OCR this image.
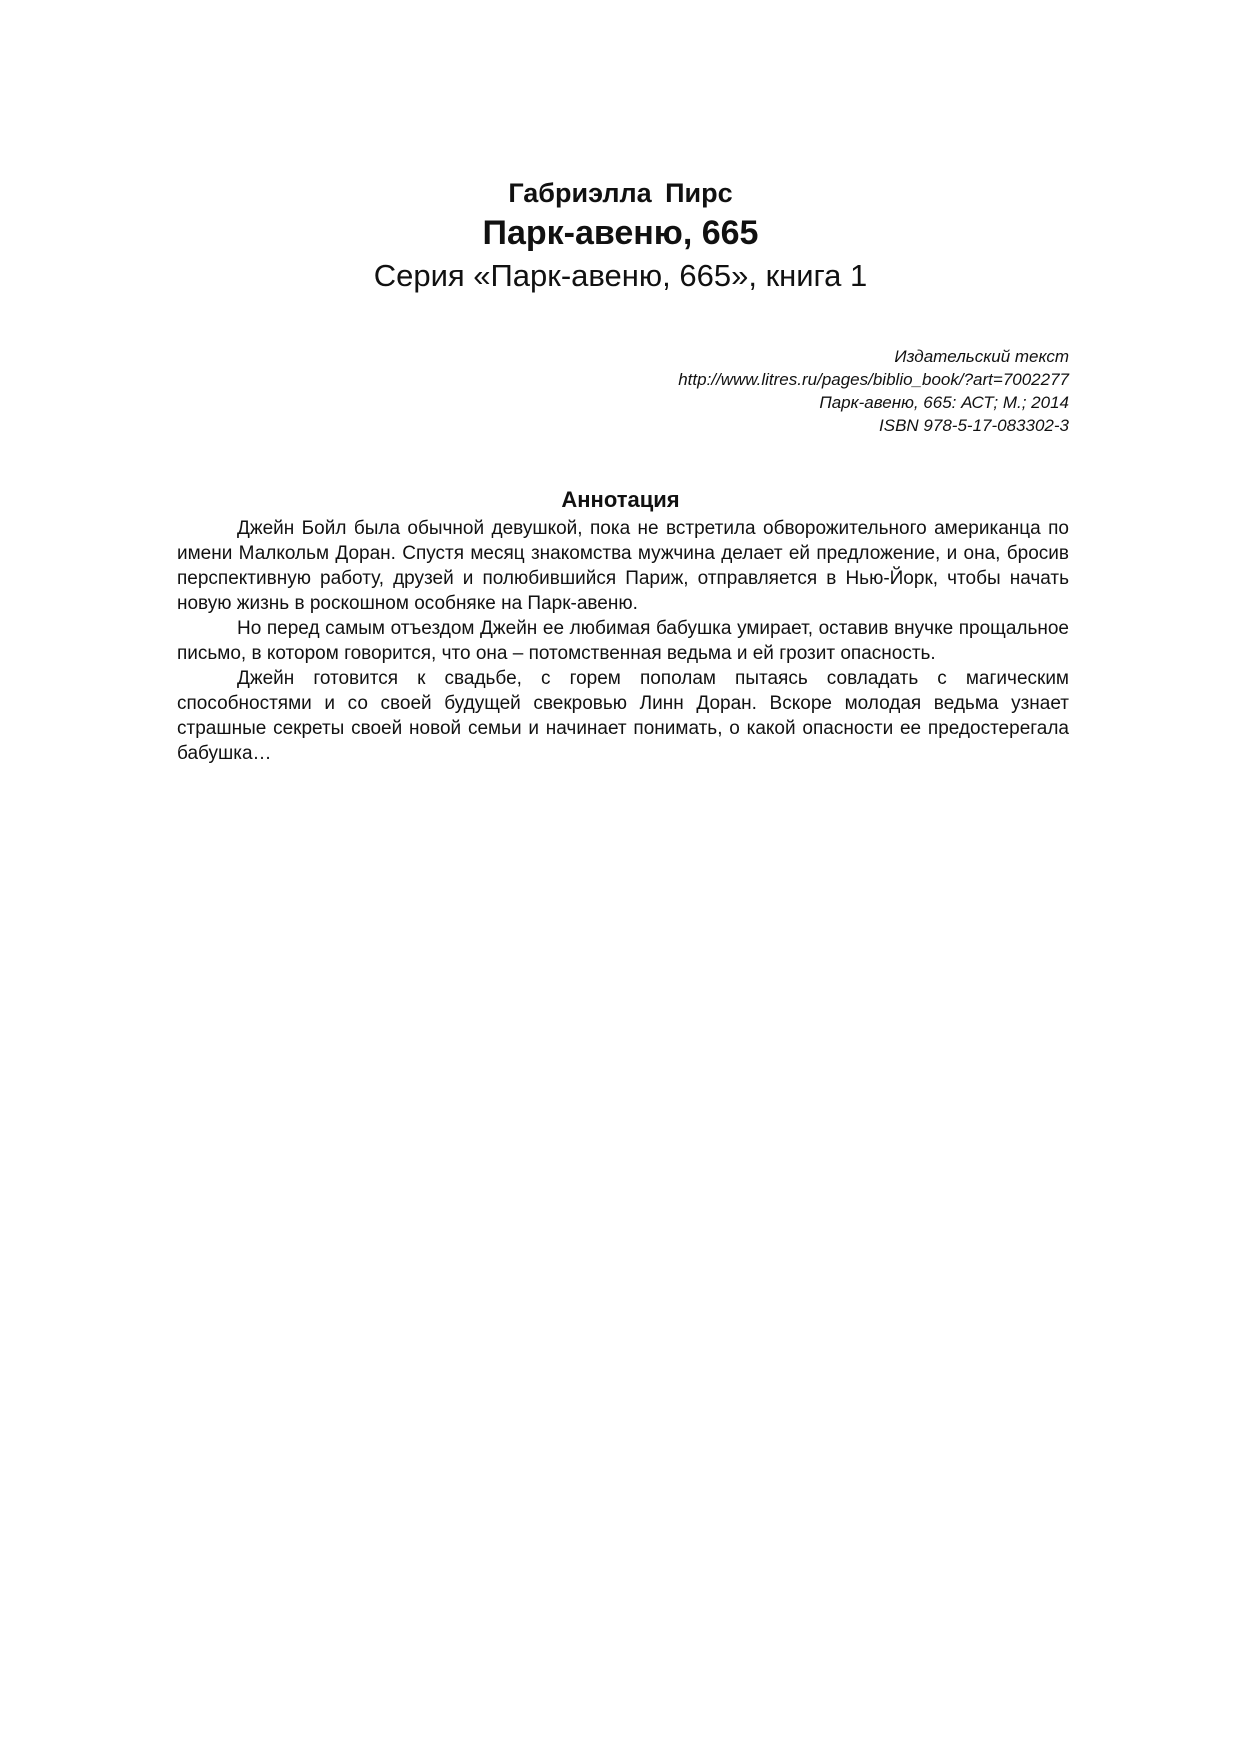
Габриэлла Пирс
Парк-авеню, 665
Серия «Парк-авеню, 665», книга 1
Издательский текст
http://www.litres.ru/pages/biblio_book/?art=7002277
Парк-авеню, 665: АСТ; М.; 2014
ISBN 978-5-17-083302-3
Аннотация

Джейн Бойл была обычной девушкой, пока не встретила обворожительного американца по имени Малкольм Доран. Спустя месяц знакомства мужчина делает ей предложение, и она, бросив перспективную работу, друзей и полюбившийся Париж, отправляется в Нью-Йорк, чтобы начать новую жизнь в роскошном особняке на Парк-авеню.

Но перед самым отъездом Джейн ее любимая бабушка умирает, оставив внучке прощальное письмо, в котором говорится, что она – потомственная ведьма и ей грозит опасность.

Джейн готовится к свадьбе, с горем пополам пытаясь совладать с магическим способностями и со своей будущей свекровью Линн Доран. Вскоре молодая ведьма узнает страшные секреты своей новой семьи и начинает понимать, о какой опасности ее предостерегала бабушка…
